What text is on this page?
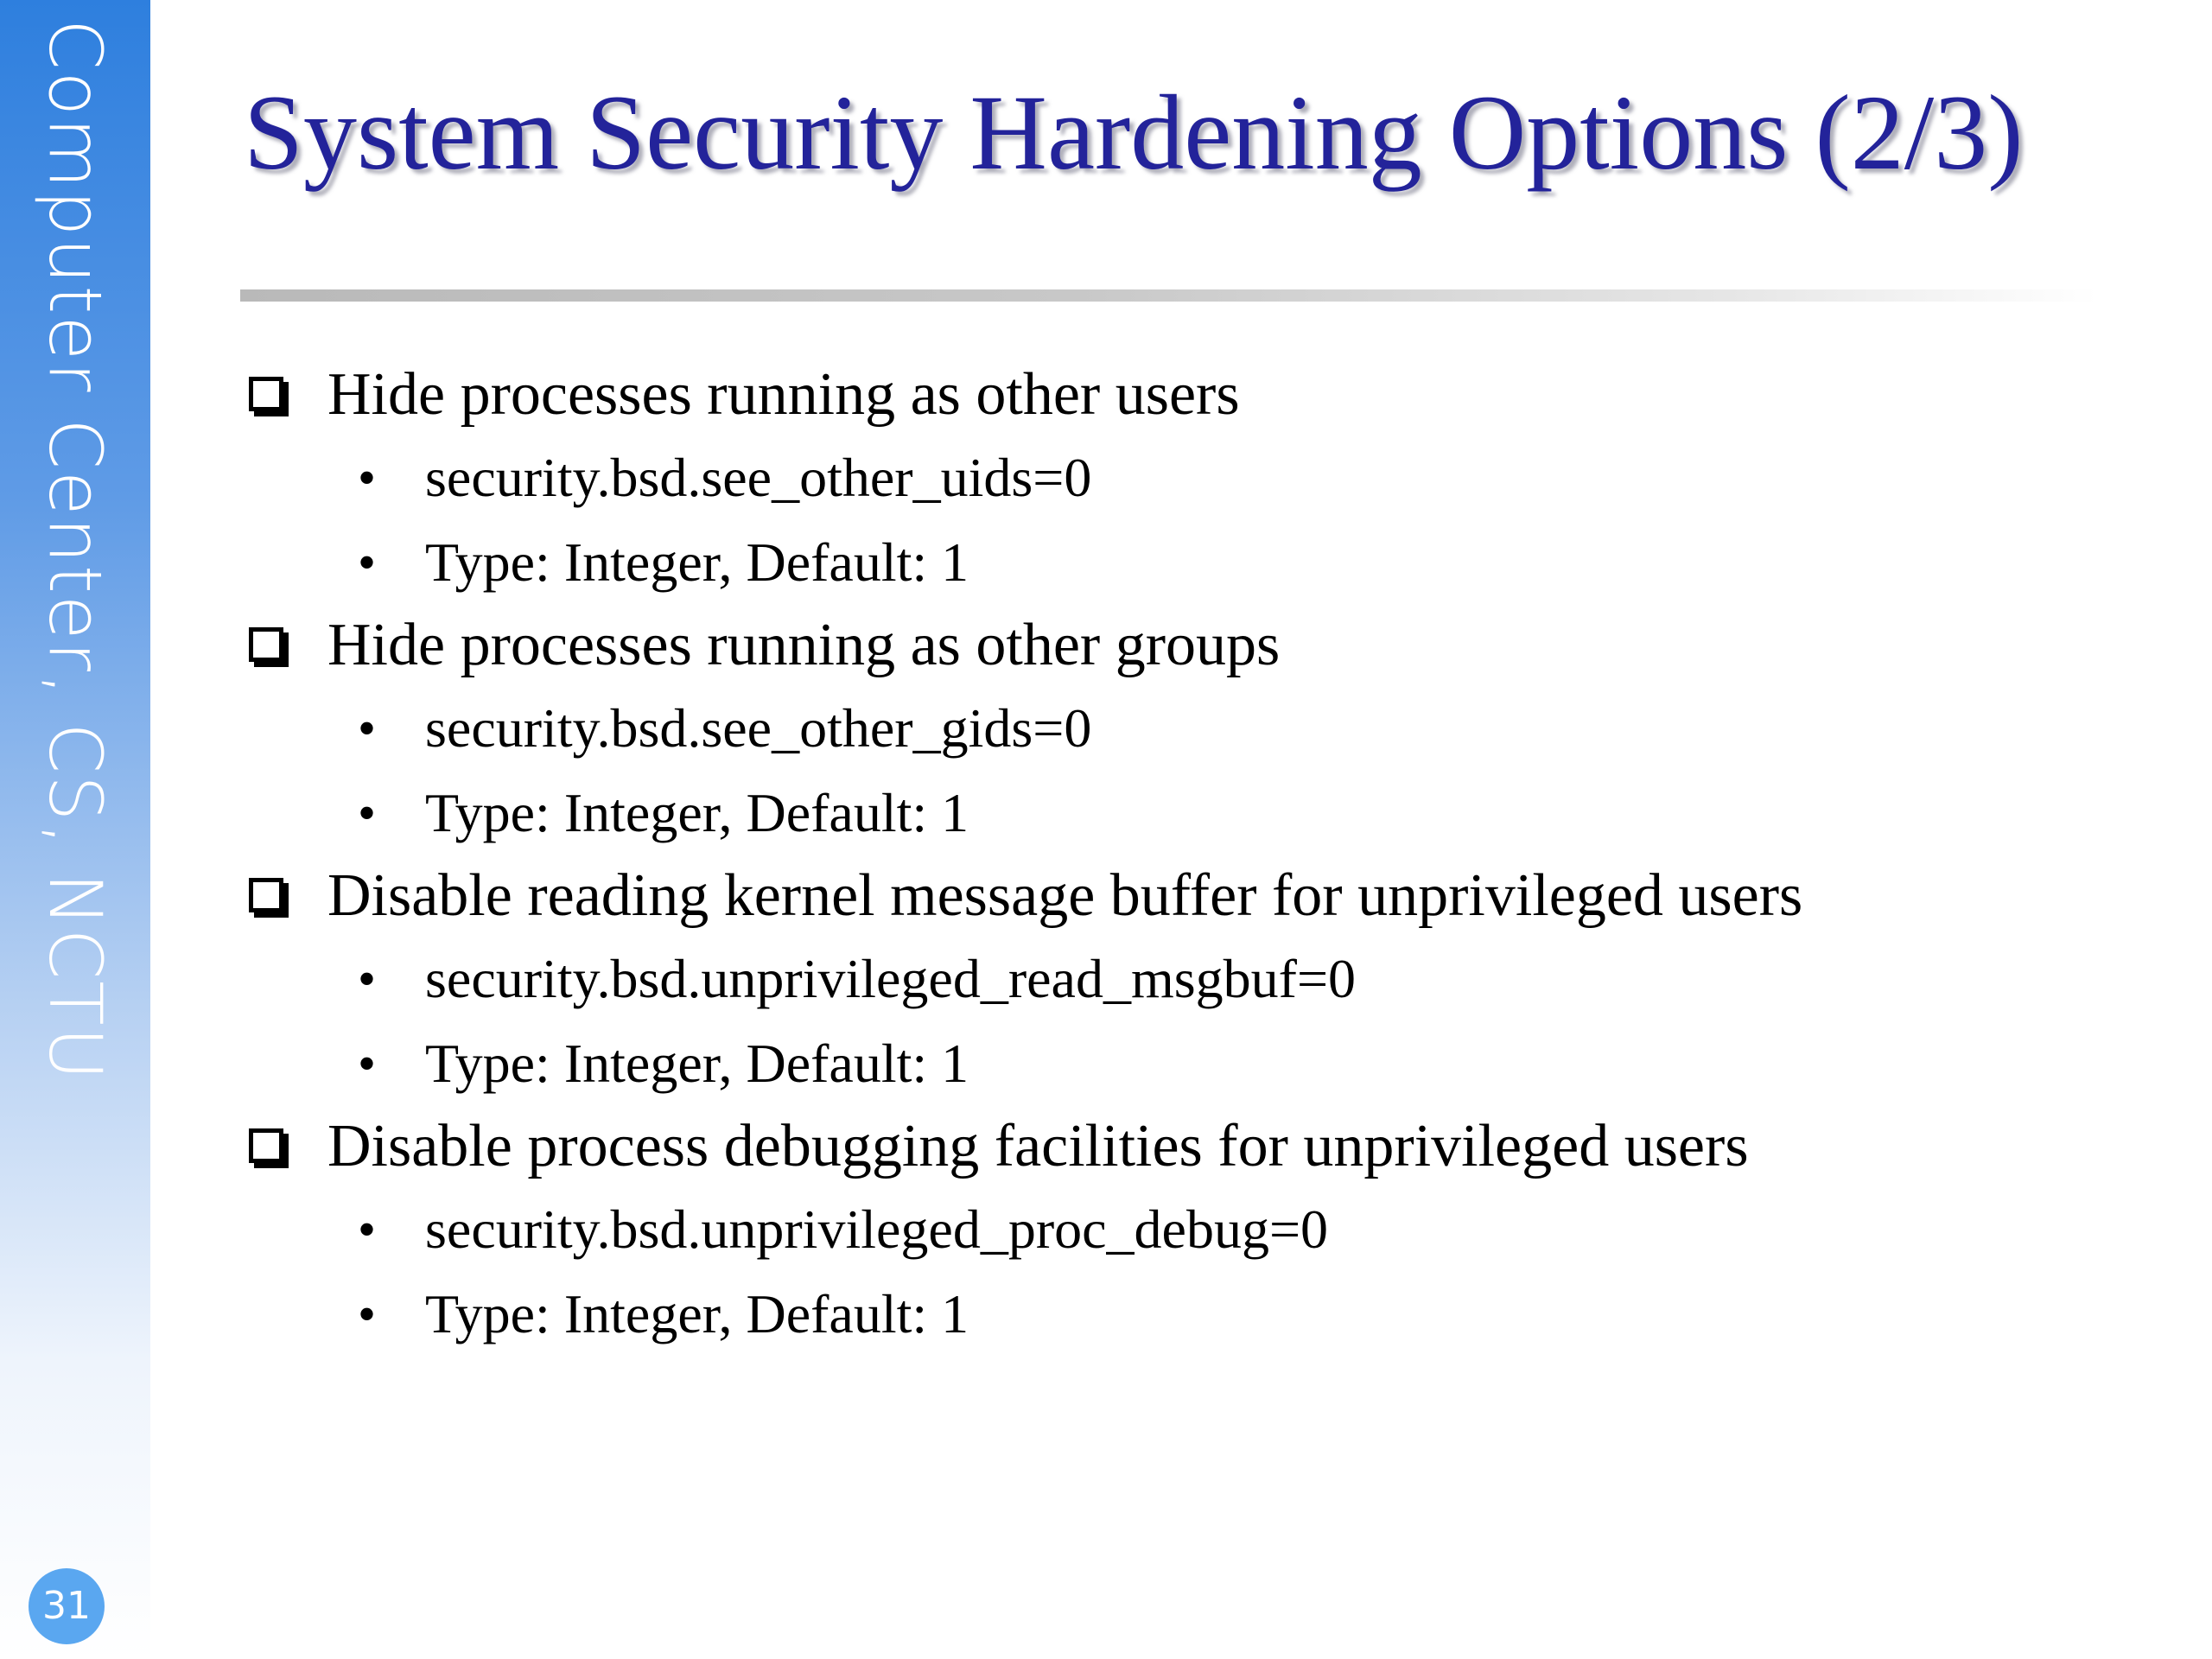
Computer Center, CS, NCTU
31
System Security Hardening Options (2/3)
Hide processes running as other users
• security.bsd.see_other_uids=0
• Type: Integer, Default: 1
Hide processes running as other groups
• security.bsd.see_other_gids=0
• Type: Integer, Default: 1
Disable reading kernel message buffer for unprivileged users
• security.bsd.unprivileged_read_msgbuf=0
• Type: Integer, Default: 1
Disable process debugging facilities for unprivileged users
• security.bsd.unprivileged_proc_debug=0
• Type: Integer, Default: 1
